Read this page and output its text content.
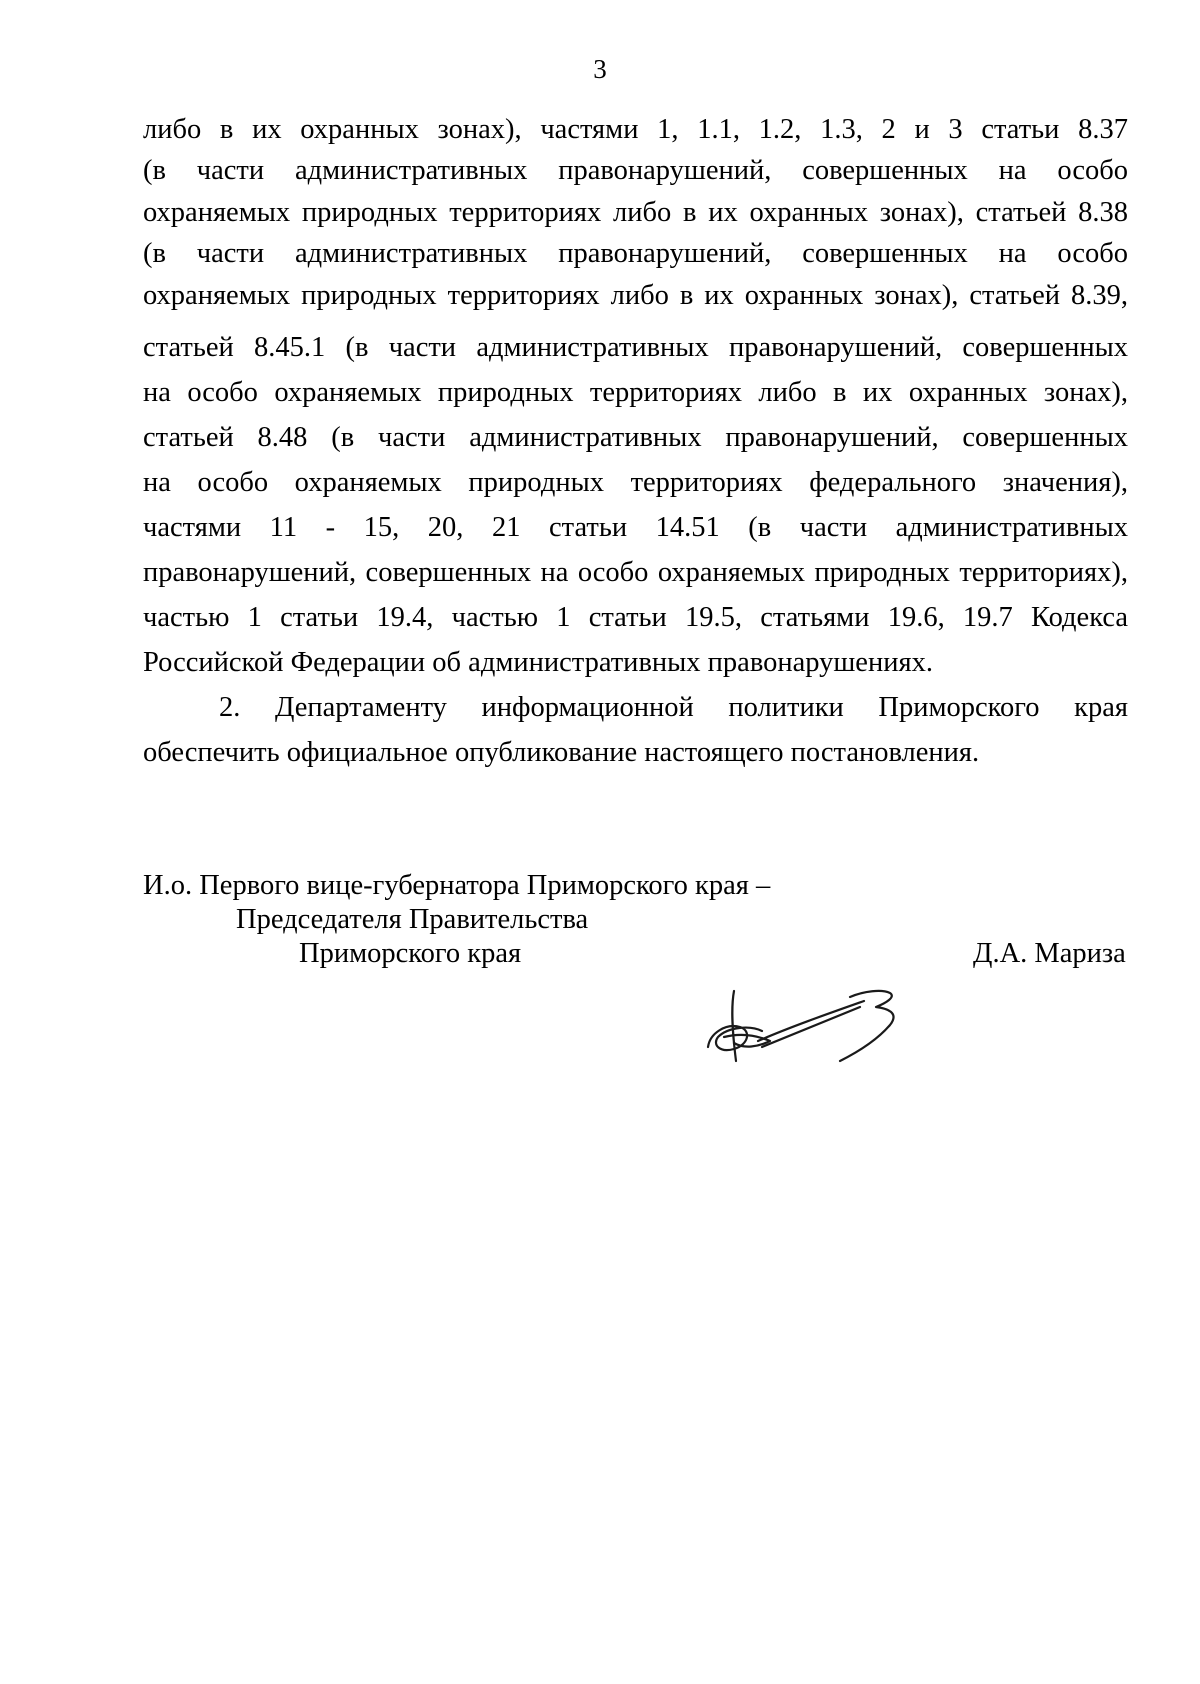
3
либо в их охранных зонах), частями 1, 1.1, 1.2, 1.3, 2 и 3 статьи 8.37
(в части административных правонарушений, совершенных на особо
охраняемых природных территориях либо в их охранных зонах), статьей 8.38
(в части административных правонарушений, совершенных на особо
охраняемых природных территориях либо в их охранных зонах), статьей 8.39,
статьей 8.45.1 (в части административных правонарушений, совершенных
на особо охраняемых природных территориях либо в их охранных зонах),
статьей 8.48 (в части административных правонарушений, совершенных
на особо охраняемых природных территориях федерального значения),
частями 11 - 15, 20, 21 статьи 14.51 (в части административных
правонарушений, совершенных на особо охраняемых природных территориях),
частью 1 статьи 19.4, частью 1 статьи 19.5, статьями 19.6, 19.7 Кодекса
Российской Федерации об административных правонарушениях.
2. Департаменту информационной политики Приморского края
обеспечить официальное опубликование настоящего постановления.
И.о. Первого вице-губернатора Приморского края –
Председателя Правительства
Приморского края	Д.А. Мариза
